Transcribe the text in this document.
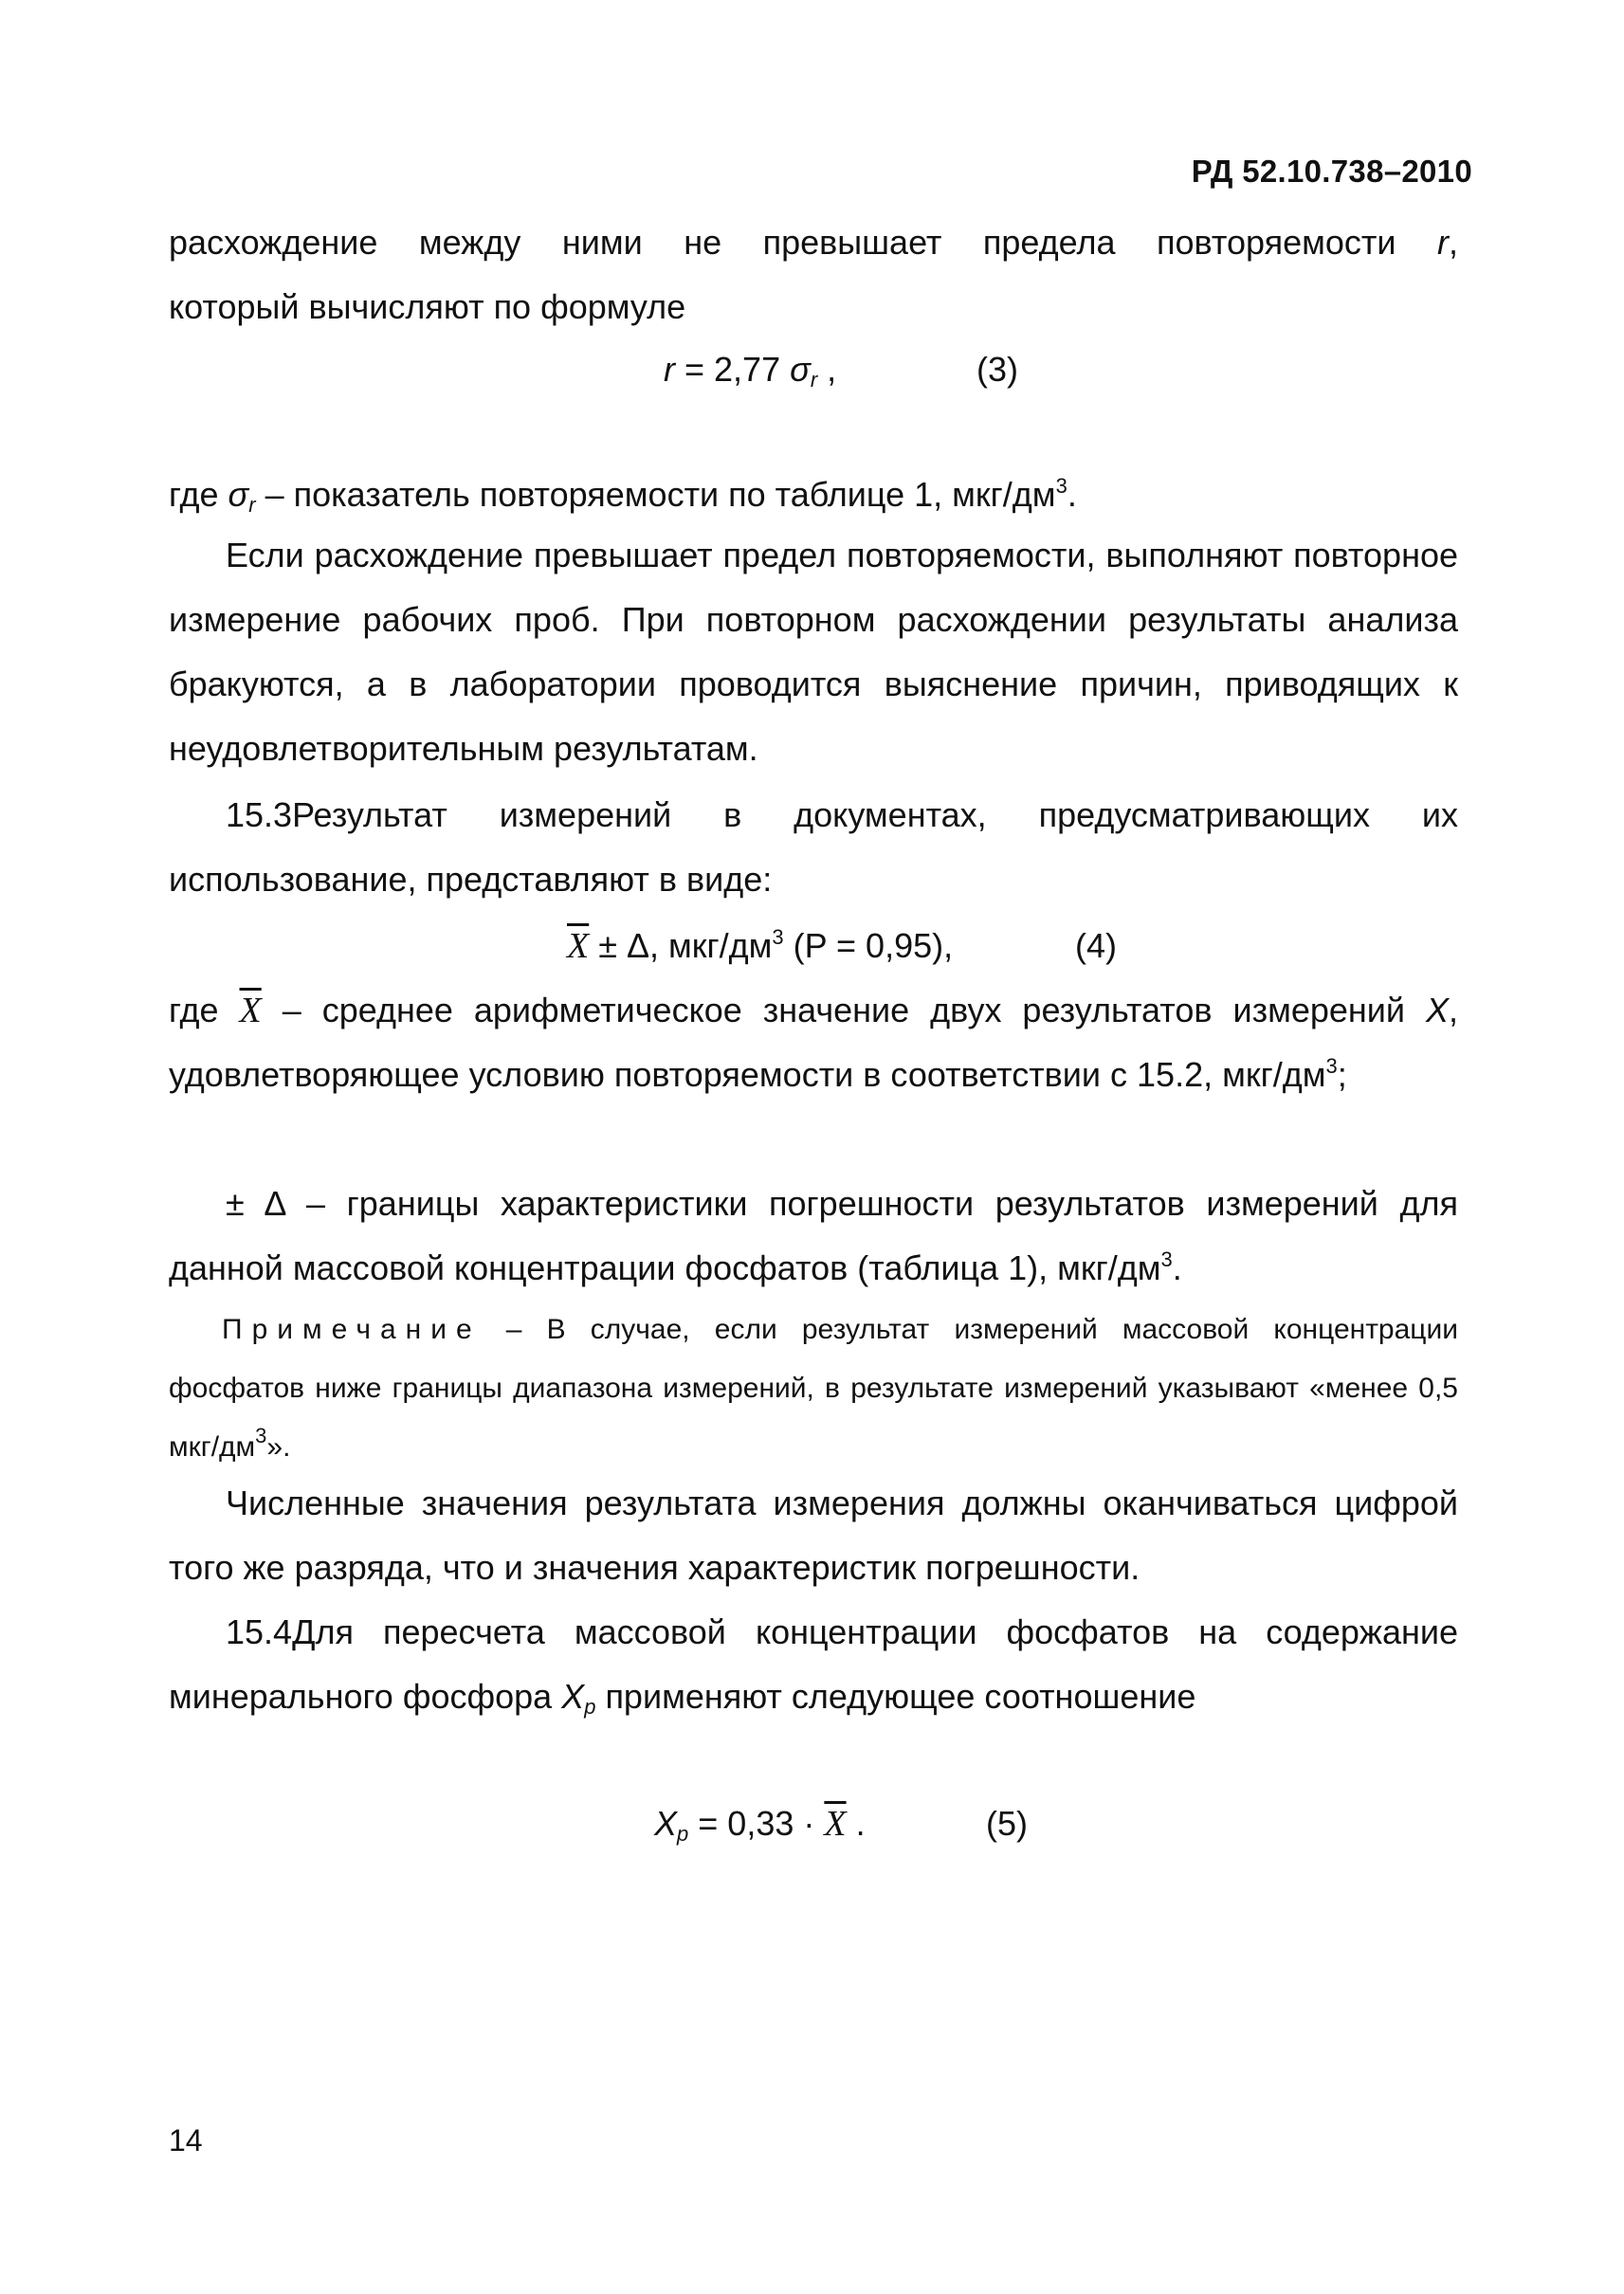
РД 52.10.738–2010

расхождение между ними не превышает предела повторяемости r,

который вычисляют по формуле

r = 2,77 $\sigma_r$ ,	(3)

где $\sigma_r$ – показатель повторяемости по таблице 1, мкг/$дм^3$.

Если расхождение превышает предел повторяемости, выполняют повторное измерение рабочих проб. При повторном расхождении результаты анализа бракуются, а в лаборатории проводится выяснение причин, приводящих к неудовлетворительным результатам.

15.3Результат измерений в документах, предусматривающих их использование, представляют в виде:

$\overline{X} \pm \Delta$, мкг/$дм^3$ (P = 0,95),	(4)

где $\overline{X}$ – среднее арифметическое значение двух результатов измерений X, удовлетворяющее условию повторяемости в соответствии с 15.2, мкг/$дм^3$;

± Δ – границы характеристики погрешности результатов измерений для данной массовой концентрации фосфатов (таблица 1), мкг/$дм^3$.

Примечание – В случае, если результат измерений массовой концентрации фосфатов ниже границы диапазона измерений, в результате измерений указывают «менее 0,5 мкг/$дм^3$».

Численные значения результата измерения должны оканчиваться цифрой того же разряда, что и значения характеристик погрешности.

15.4Для пересчета массовой концентрации фосфатов на содержание минерального фосфора $X_p$ применяют следующее соотношение

$X_p = 0,33 \cdot \overline{X}$ .	(5)
14
